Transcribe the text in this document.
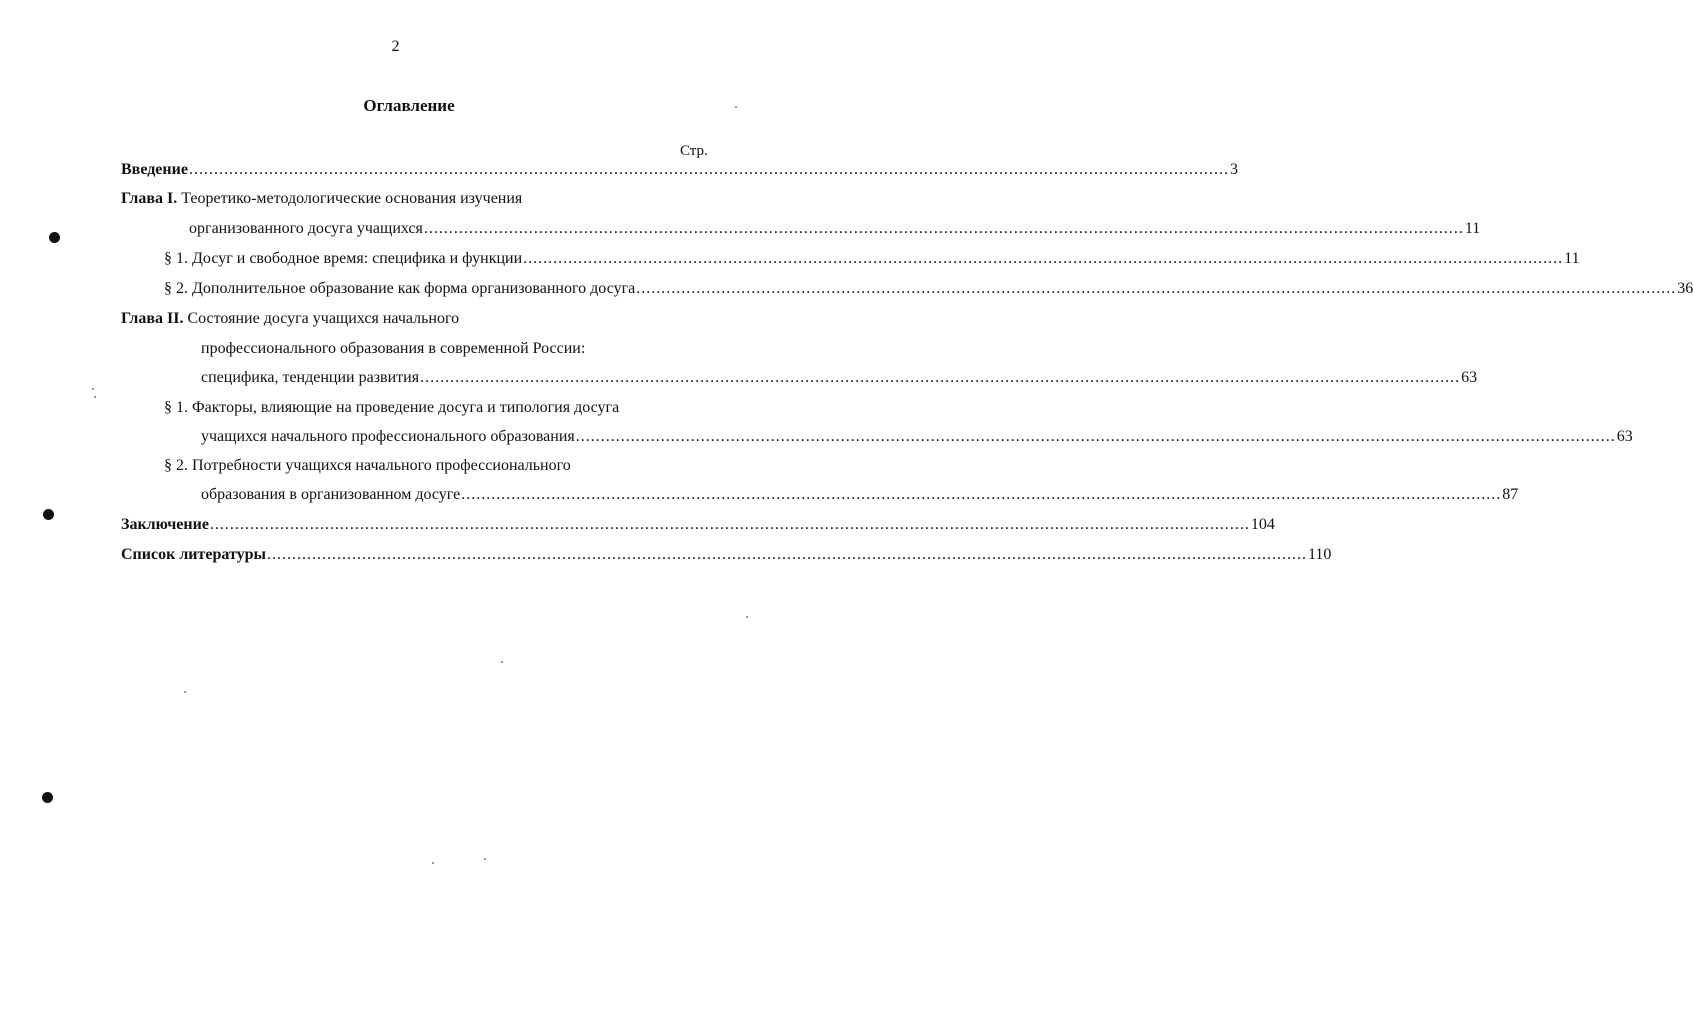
2
Оглавление
Стр.
Введение ................................................................................................................................................................................................................ 3
Глава I. Теоретико-методологические основания изучения
организованного досуга учащихся ................................................................................................................................................................................................................ 11
§ 1. Досуг и свободное время: специфика и функции ................................................................................................................................................................................................................ 11
§ 2. Дополнительное образование как форма организованного досуга ................................................................................................................................................................................................................ 36
Глава II. Состояние досуга учащихся начального
профессионального образования в современной России:
специфика, тенденции развития ................................................................................................................................................................................................................ 63
§ 1. Факторы, влияющие на проведение досуга и типология досуга
учащихся начального профессионального образования ................................................................................................................................................................................................................ 63
§ 2. Потребности учащихся начального профессионального
образования в организованном досуге ................................................................................................................................................................................................................ 87
Заключение ................................................................................................................................................................................................................ 104
Список литературы ................................................................................................................................................................................................................ 110
